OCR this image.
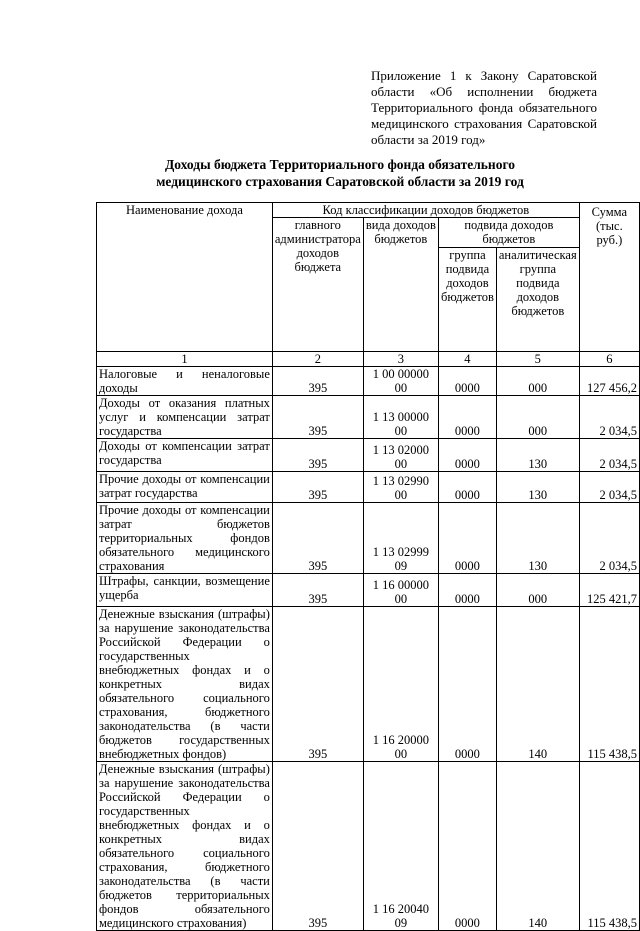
Приложение 1 к Закону Саратовской области «Об исполнении бюджета Территориального фонда обязательного медицинского страхования Саратовской области за 2019 год»
Доходы бюджета Территориального фонда обязательного
медицинского страхования Саратовской области за 2019 год
Наименование дохода	Код классификации доходов бюджетов				Сумма (тыс. руб.)
	главного администратора доходов бюджета	вида доходов бюджетов	подвида доходов бюджетов		
			группа подвида доходов бюджетов	аналитическая группа подвида доходов бюджетов	
1	2	3	4	5	6
Налоговые и неналоговые доходы	395	1 00 00000 00	0000	000	127 456,2
Доходы от оказания платных услуг и компенсации затрат государства	395	1 13 00000 00	0000	000	2 034,5
Доходы от компенсации затрат государства	395	1 13 02000 00	0000	130	2 034,5
Прочие доходы от компенсации затрат государства	395	1 13 02990 00	0000	130	2 034,5
Прочие доходы от компенсации затрат бюджетов территориальных фондов обязательного медицинского страхования	395	1 13 02999 09	0000	130	2 034,5
Штрафы, санкции, возмещение ущерба	395	1 16 00000 00	0000	000	125 421,7
Денежные взыскания (штрафы) за нарушение законодательства Российской Федерации о государственных внебюджетных фондах и о конкретных видах обязательного социального страхования, бюджетного законодательства (в части бюджетов государственных внебюджетных фондов)	395	1 16 20000 00	0000	140	115 438,5
Денежные взыскания (штрафы) за нарушение законодательства Российской Федерации о государственных внебюджетных фондах и о конкретных видах обязательного социального страхования, бюджетного законодательства (в части бюджетов территориальных фондов обязательного медицинского страхования)	395	1 16 20040 09	0000	140	115 438,5
